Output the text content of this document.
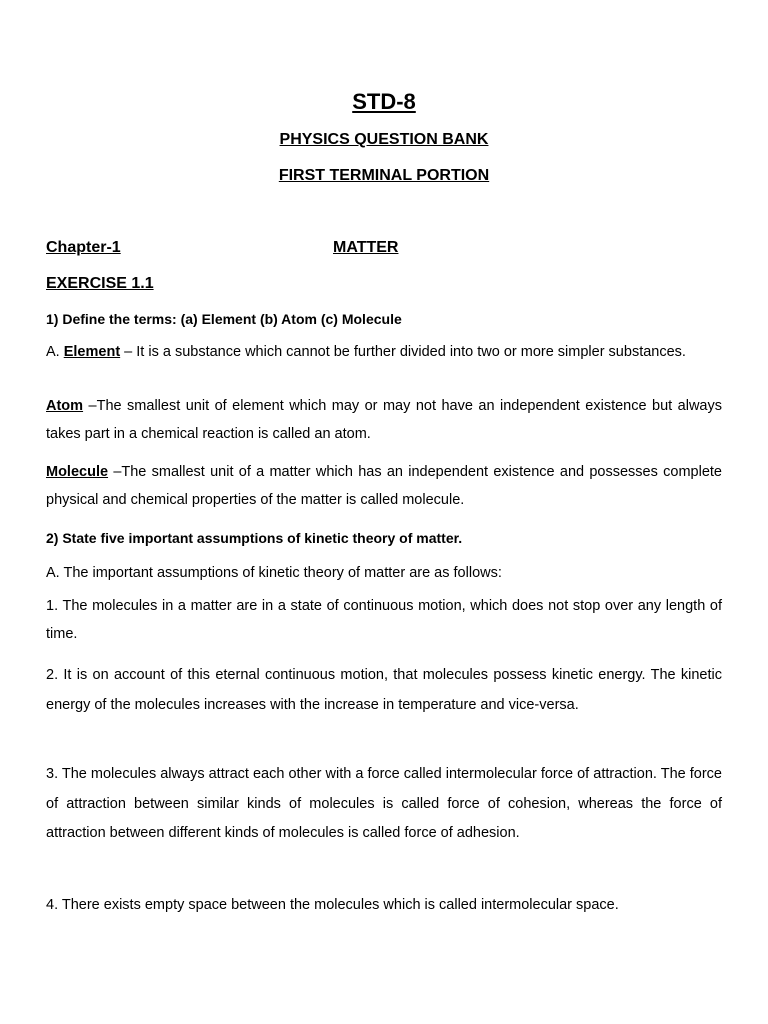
STD-8
PHYSICS QUESTION BANK
FIRST TERMINAL PORTION
Chapter-1	MATTER
EXERCISE 1.1
1) Define the terms: (a) Element (b) Atom (c) Molecule
A. Element – It is a substance which cannot be further divided into two or more simpler substances.
Atom –The smallest unit of element which may or may not have an independent existence but always takes part in a chemical reaction is called an atom.
Molecule –The smallest unit of a matter which has an independent existence and possesses complete physical and chemical properties of the matter is called molecule.
2) State five important assumptions of kinetic theory of matter.
A. The important assumptions of kinetic theory of matter are as follows:
1. The molecules in a matter are in a state of continuous motion, which does not stop over any length of time.
2. It is on account of this eternal continuous motion, that molecules possess kinetic energy. The kinetic energy of the molecules increases with the increase in temperature and vice-versa.
3. The molecules always attract each other with a force called intermolecular force of attraction. The force of attraction between similar kinds of molecules is called force of cohesion, whereas the force of attraction between different kinds of molecules is called force of adhesion.
4. There exists empty space between the molecules which is called intermolecular space.
